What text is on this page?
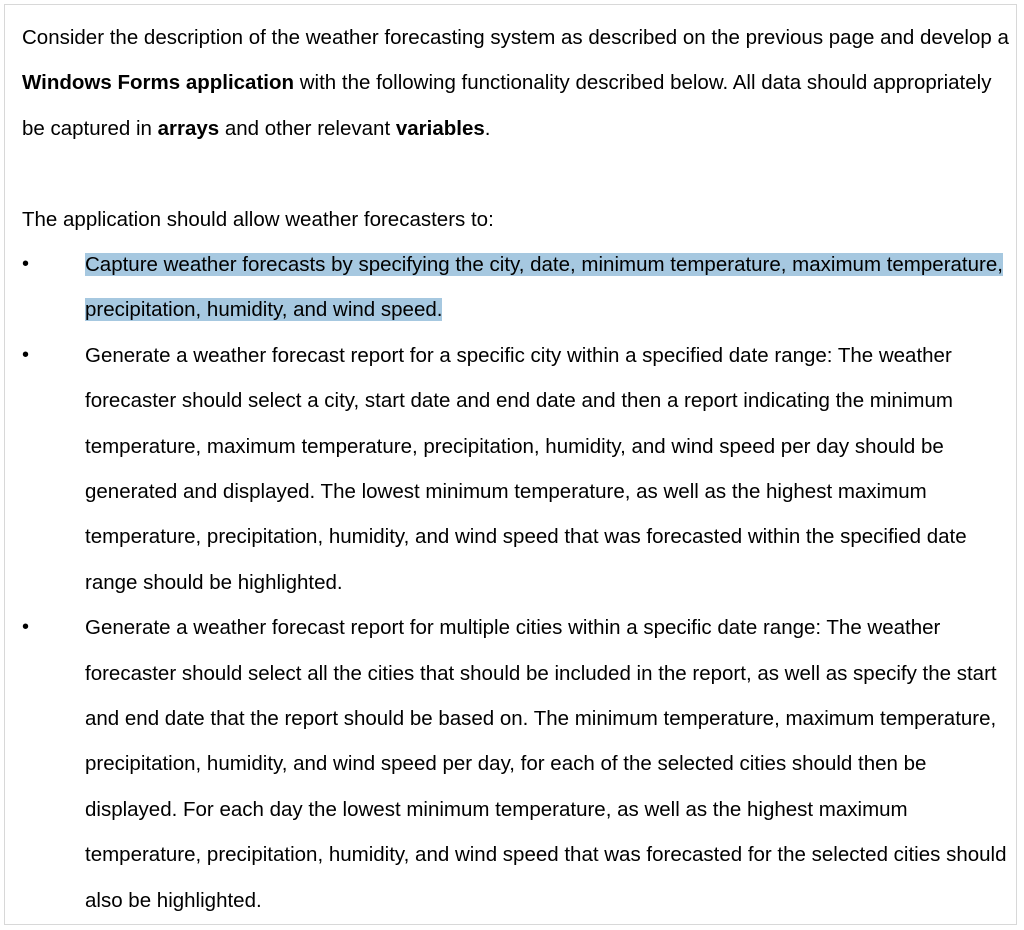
Consider the description of the weather forecasting system as described on the previous page and develop a Windows Forms application with the following functionality described below. All data should appropriately be captured in arrays and other relevant variables.

The application should allow weather forecasters to:

•	Capture weather forecasts by specifying the city, date, minimum temperature, maximum temperature, precipitation, humidity, and wind speed.
•	Generate a weather forecast report for a specific city within a specified date range: The weather forecaster should select a city, start date and end date and then a report indicating the minimum temperature, maximum temperature, precipitation, humidity, and wind speed per day should be generated and displayed. The lowest minimum temperature, as well as the highest maximum temperature, precipitation, humidity, and wind speed that was forecasted within the specified date range should be highlighted.
•	Generate a weather forecast report for multiple cities within a specific date range: The weather forecaster should select all the cities that should be included in the report, as well as specify the start and end date that the report should be based on. The minimum temperature, maximum temperature, precipitation, humidity, and wind speed per day, for each of the selected cities should then be displayed. For each day the lowest minimum temperature, as well as the highest maximum temperature, precipitation, humidity, and wind speed that was forecasted for the selected cities should also be highlighted.
